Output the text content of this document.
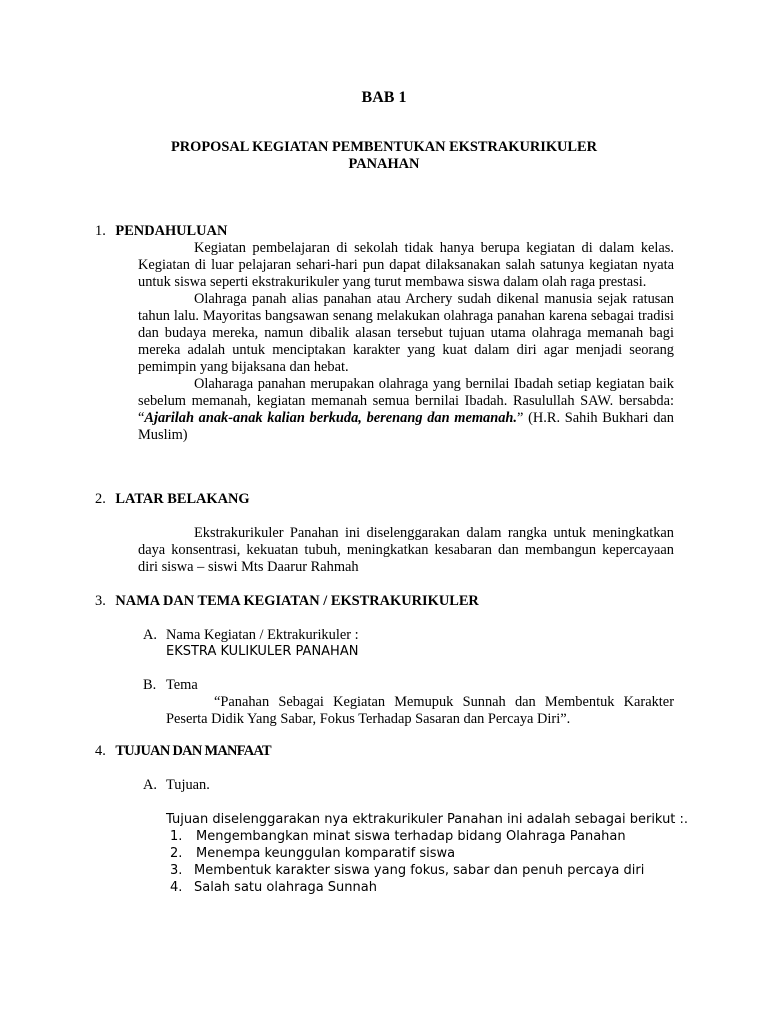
BAB 1
PROPOSAL KEGIATAN PEMBENTUKAN EKSTRAKURIKULER
PANAHAN
1. PENDAHULUAN

Kegiatan pembelajaran di sekolah tidak hanya berupa kegiatan di dalam kelas. Kegiatan di luar pelajaran sehari-hari pun dapat dilaksanakan salah satunya kegiatan nyata untuk siswa seperti ekstrakurikuler yang turut membawa siswa dalam olah raga prestasi.

Olahraga panah alias panahan atau Archery sudah dikenal manusia sejak ratusan tahun lalu. Mayoritas bangsawan senang melakukan olahraga panahan karena sebagai tradisi dan budaya mereka, namun dibalik alasan tersebut tujuan utama olahraga memanah bagi mereka adalah untuk menciptakan karakter yang kuat dalam diri agar menjadi seorang pemimpin yang bijaksana dan hebat.

Olaharaga panahan merupakan olahraga yang bernilai Ibadah setiap kegiatan baik sebelum memanah, kegiatan memanah semua bernilai Ibadah. Rasulullah SAW. bersabda: “Ajarilah anak-anak kalian berkuda, berenang dan memanah.” (H.R. Sahih Bukhari dan Muslim)

2. LATAR BELAKANG

Ekstrakurikuler Panahan ini diselenggarakan dalam rangka untuk meningkatkan daya konsentrasi, kekuatan tubuh, meningkatkan kesabaran dan membangun kepercayaan diri siswa – siswi Mts Daarur Rahmah

3. NAMA DAN TEMA KEGIATAN / EKSTRAKURIKULER
A. Nama Kegiatan / Ektrakurikuler :
EKSTRA KULIKULER PANAHAN
B. Tema

“Panahan Sebagai Kegiatan Memupuk Sunnah dan Membentuk Karakter Peserta Didik Yang Sabar, Fokus Terhadap Sasaran dan Percaya Diri”.

4. TUJUAN DAN MANFAAT
A. Tujuan.
Tujuan diselenggarakan nya ektrakurikuler Panahan ini adalah sebagai berikut :.
1. Mengembangkan minat siswa terhadap bidang Olahraga Panahan
2. Menempa keunggulan komparatif siswa
3. Membentuk karakter siswa yang fokus, sabar dan penuh percaya diri
4. Salah satu olahraga Sunnah
